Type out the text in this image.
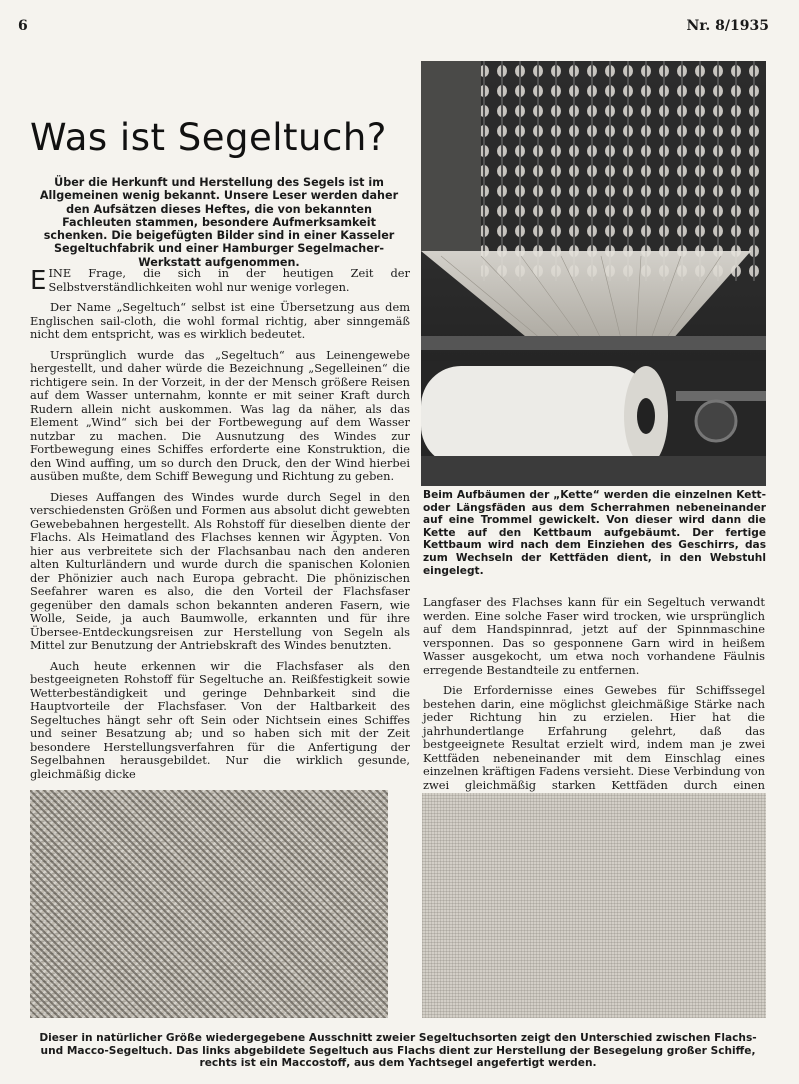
6	Nr. 8/1935
Was ist Segeltuch?
Über die Herkunft und Herstellung des Segels ist im Allgemeinen wenig bekannt. Unsere Leser werden daher den Aufsätzen dieses Heftes, die von bekannten Fachleuten stammen, besondere Aufmerksamkeit schenken. Die beigefügten Bilder sind in einer Kasseler Segeltuchfabrik und einer Hamburger Segelmacher-Werkstatt aufgenommen.

EINE Frage, die sich in der heutigen Zeit der Selbstverständlichkeiten wohl nur wenige vorlegen.

Der Name „Segeltuch“ selbst ist eine Übersetzung aus dem Englischen sail-cloth, die wohl formal richtig, aber sinngemäß nicht dem entspricht, was es wirklich bedeutet.

Ursprünglich wurde das „Segeltuch“ aus Leinengewebe hergestellt, und daher würde die Bezeichnung „Segelleinen“ die richtigere sein. In der Vorzeit, in der der Mensch größere Reisen auf dem Wasser unternahm, konnte er mit seiner Kraft durch Rudern allein nicht auskommen. Was lag da näher, als das Element „Wind“ sich bei der Fortbewegung auf dem Wasser nutzbar zu machen. Die Ausnutzung des Windes zur Fortbewegung eines Schiffes erforderte eine Konstruktion, die den Wind auffing, um so durch den Druck, den der Wind hierbei ausüben mußte, dem Schiff Bewegung und Richtung zu geben.

Dieses Auffangen des Windes wurde durch Segel in den verschiedensten Größen und Formen aus absolut dicht gewebten Gewebebahnen hergestellt. Als Rohstoff für dieselben diente der Flachs. Als Heimatland des Flachses kennen wir Ägypten. Von hier aus verbreitete sich der Flachsanbau nach den anderen alten Kulturländern und wurde durch die spanischen Kolonien der Phönizier auch nach Europa gebracht. Die phönizischen Seefahrer waren es also, die den Vorteil der Flachsfaser gegenüber den damals schon bekannten anderen Fasern, wie Wolle, Seide, ja auch Baumwolle, erkannten und für ihre Übersee-Entdeckungsreisen zur Herstellung von Segeln als Mittel zur Benutzung der Antriebskraft des Windes benutzten.

Auch heute erkennen wir die Flachsfaser als den bestgeeigneten Rohstoff für Segeltuche an. Reißfestigkeit sowie Wetterbeständigkeit und geringe Dehnbarkeit sind die Hauptvorteile der Flachsfaser. Von der Haltbarkeit des Segeltuches hängt sehr oft Sein oder Nichtsein eines Schiffes und seiner Besatzung ab; und so haben sich mit der Zeit besondere Herstellungsverfahren für die Anfertigung der Segelbahnen herausgebildet. Nur die wirklich gesunde, gleichmäßig dicke

Beim Aufbäumen der „Kette“ werden die einzelnen Kett- oder Längsfäden aus dem Scherrahmen nebeneinander auf eine Trommel gewickelt. Von dieser wird dann die Kette auf den Kettbaum aufgebäumt. Der fertige Kettbaum wird nach dem Einziehen des Geschirrs, das zum Wechseln der Kettfäden dient, in den Webstuhl eingelegt.

Langfaser des Flachses kann für ein Segeltuch verwandt werden. Eine solche Faser wird trocken, wie ursprünglich auf dem Handspinnrad, jetzt auf der Spinnmaschine versponnen. Das so gesponnene Garn wird in heißem Wasser ausgekocht, um etwa noch vorhandene Fäulnis erregende Bestandteile zu entfernen.

Die Erfordernisse eines Gewebes für Schiffssegel bestehen darin, eine möglichst gleichmäßige Stärke nach jeder Richtung hin zu erzielen. Hier hat die jahrhundertlange Erfahrung gelehrt, daß das bestgeeignete Resultat erzielt wird, indem man je zwei Kettfäden nebeneinander mit dem Einschlag eines einzelnen kräftigen Fadens versieht. Diese Verbindung von zwei gleichmäßig starken Kettfäden durch einen

Dieser in natürlicher Größe wiedergegebene Ausschnitt zweier Segeltuchsorten zeigt den Unterschied zwischen Flachs- und Macco-Segeltuch. Das links abgebildete Segeltuch aus Flachs dient zur Herstellung der Besegelung großer Schiffe, rechts ist ein Maccostoff, aus dem Yachtsegel angefertigt werden.
